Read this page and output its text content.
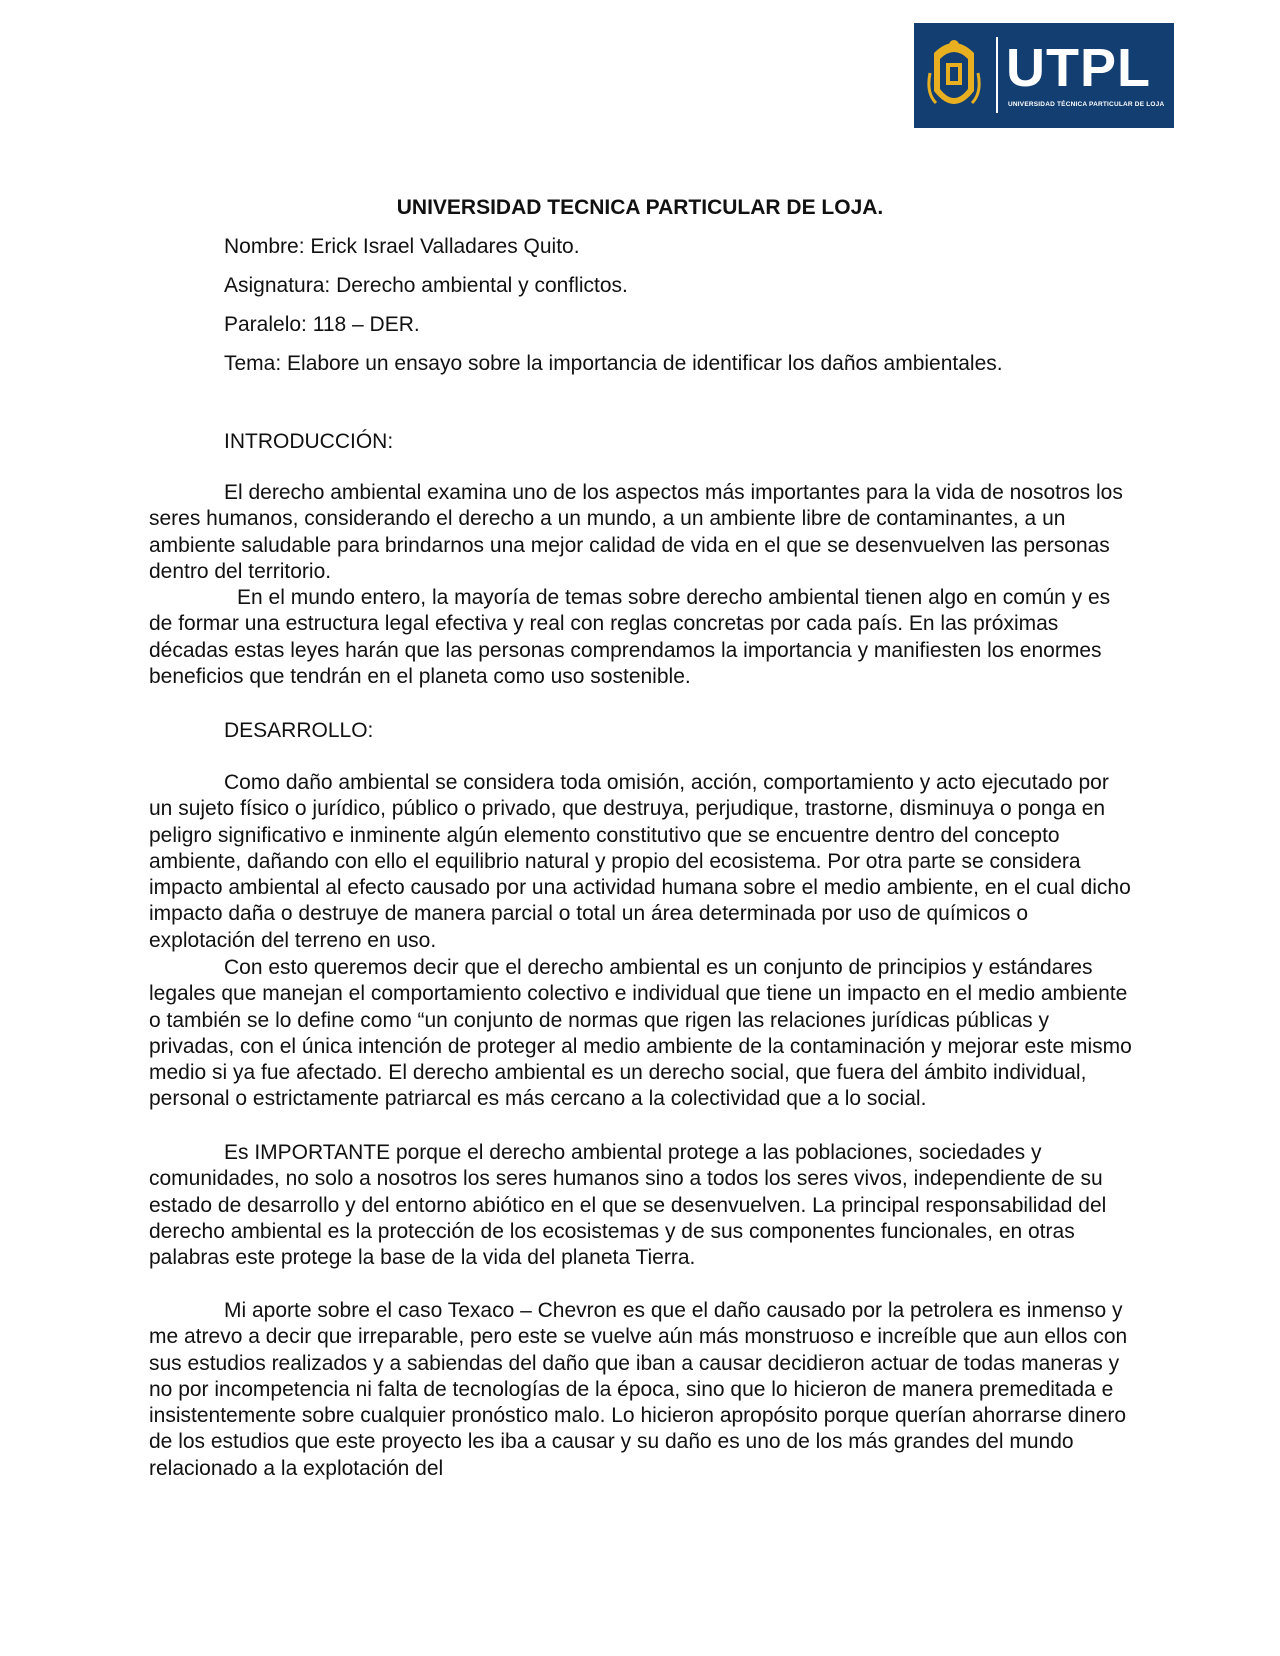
UTPL
UNIVERSIDAD TÉCNICA PARTICULAR DE LOJA
UNIVERSIDAD TECNICA PARTICULAR DE LOJA.
Nombre: Erick Israel Valladares Quito.
Asignatura: Derecho ambiental y conflictos.
Paralelo: 118 – DER.
Tema: Elabore un ensayo sobre la importancia de identificar los daños ambientales.
INTRODUCCIÓN:

El derecho ambiental examina uno de los aspectos más importantes para la vida de nosotros los seres humanos, considerando el derecho a un mundo, a un ambiente libre de contaminantes, a un ambiente saludable para brindarnos una mejor calidad de vida en el que se desenvuelven las personas dentro del territorio.

En el mundo entero, la mayoría de temas sobre derecho ambiental tienen algo en común y es de formar una estructura legal efectiva y real con reglas concretas por cada país. En las próximas décadas estas leyes harán que las personas comprendamos la importancia y manifiesten los enormes beneficios que tendrán en el planeta como uso sostenible.

DESARROLLO:

Como daño ambiental se considera toda omisión, acción, comportamiento y acto ejecutado por un sujeto físico o jurídico, público o privado, que destruya, perjudique, trastorne, disminuya o ponga en peligro significativo e inminente algún elemento constitutivo que se encuentre dentro del concepto ambiente, dañando con ello el equilibrio natural y propio del ecosistema. Por otra parte se considera impacto ambiental al efecto causado por una actividad humana sobre el medio ambiente, en el cual dicho impacto daña o destruye de manera parcial o total un área determinada por uso de químicos o explotación del terreno en uso.

Con esto queremos decir que el derecho ambiental es un conjunto de principios y estándares legales que manejan el comportamiento colectivo e individual que tiene un impacto en el medio ambiente o también se lo define como “un conjunto de normas que rigen las relaciones jurídicas públicas y privadas, con el única intención de proteger al medio ambiente de la contaminación y mejorar este mismo medio si ya fue afectado. El derecho ambiental es un derecho social, que fuera del ámbito individual, personal o estrictamente patriarcal es más cercano a la colectividad que a lo social.

Es IMPORTANTE porque el derecho ambiental protege a las poblaciones, sociedades y comunidades, no solo a nosotros los seres humanos sino a todos los seres vivos, independiente de su estado de desarrollo y del entorno abiótico en el que se desenvuelven. La principal responsabilidad del derecho ambiental es la protección de los ecosistemas y de sus componentes funcionales, en otras palabras este protege la base de la vida del planeta Tierra.

Mi aporte sobre el caso Texaco – Chevron es que el daño causado por la petrolera es inmenso y me atrevo a decir que irreparable, pero este se vuelve aún más monstruoso e increíble que aun ellos con sus estudios realizados y a sabiendas del daño que iban a causar decidieron actuar de todas maneras y no por incompetencia ni falta de tecnologías de la época, sino que lo hicieron de manera premeditada e insistentemente sobre cualquier pronóstico malo. Lo hicieron apropósito porque querían ahorrarse dinero de los estudios que este proyecto les iba a causar y su daño es uno de los más grandes del mundo relacionado a la explotación del
